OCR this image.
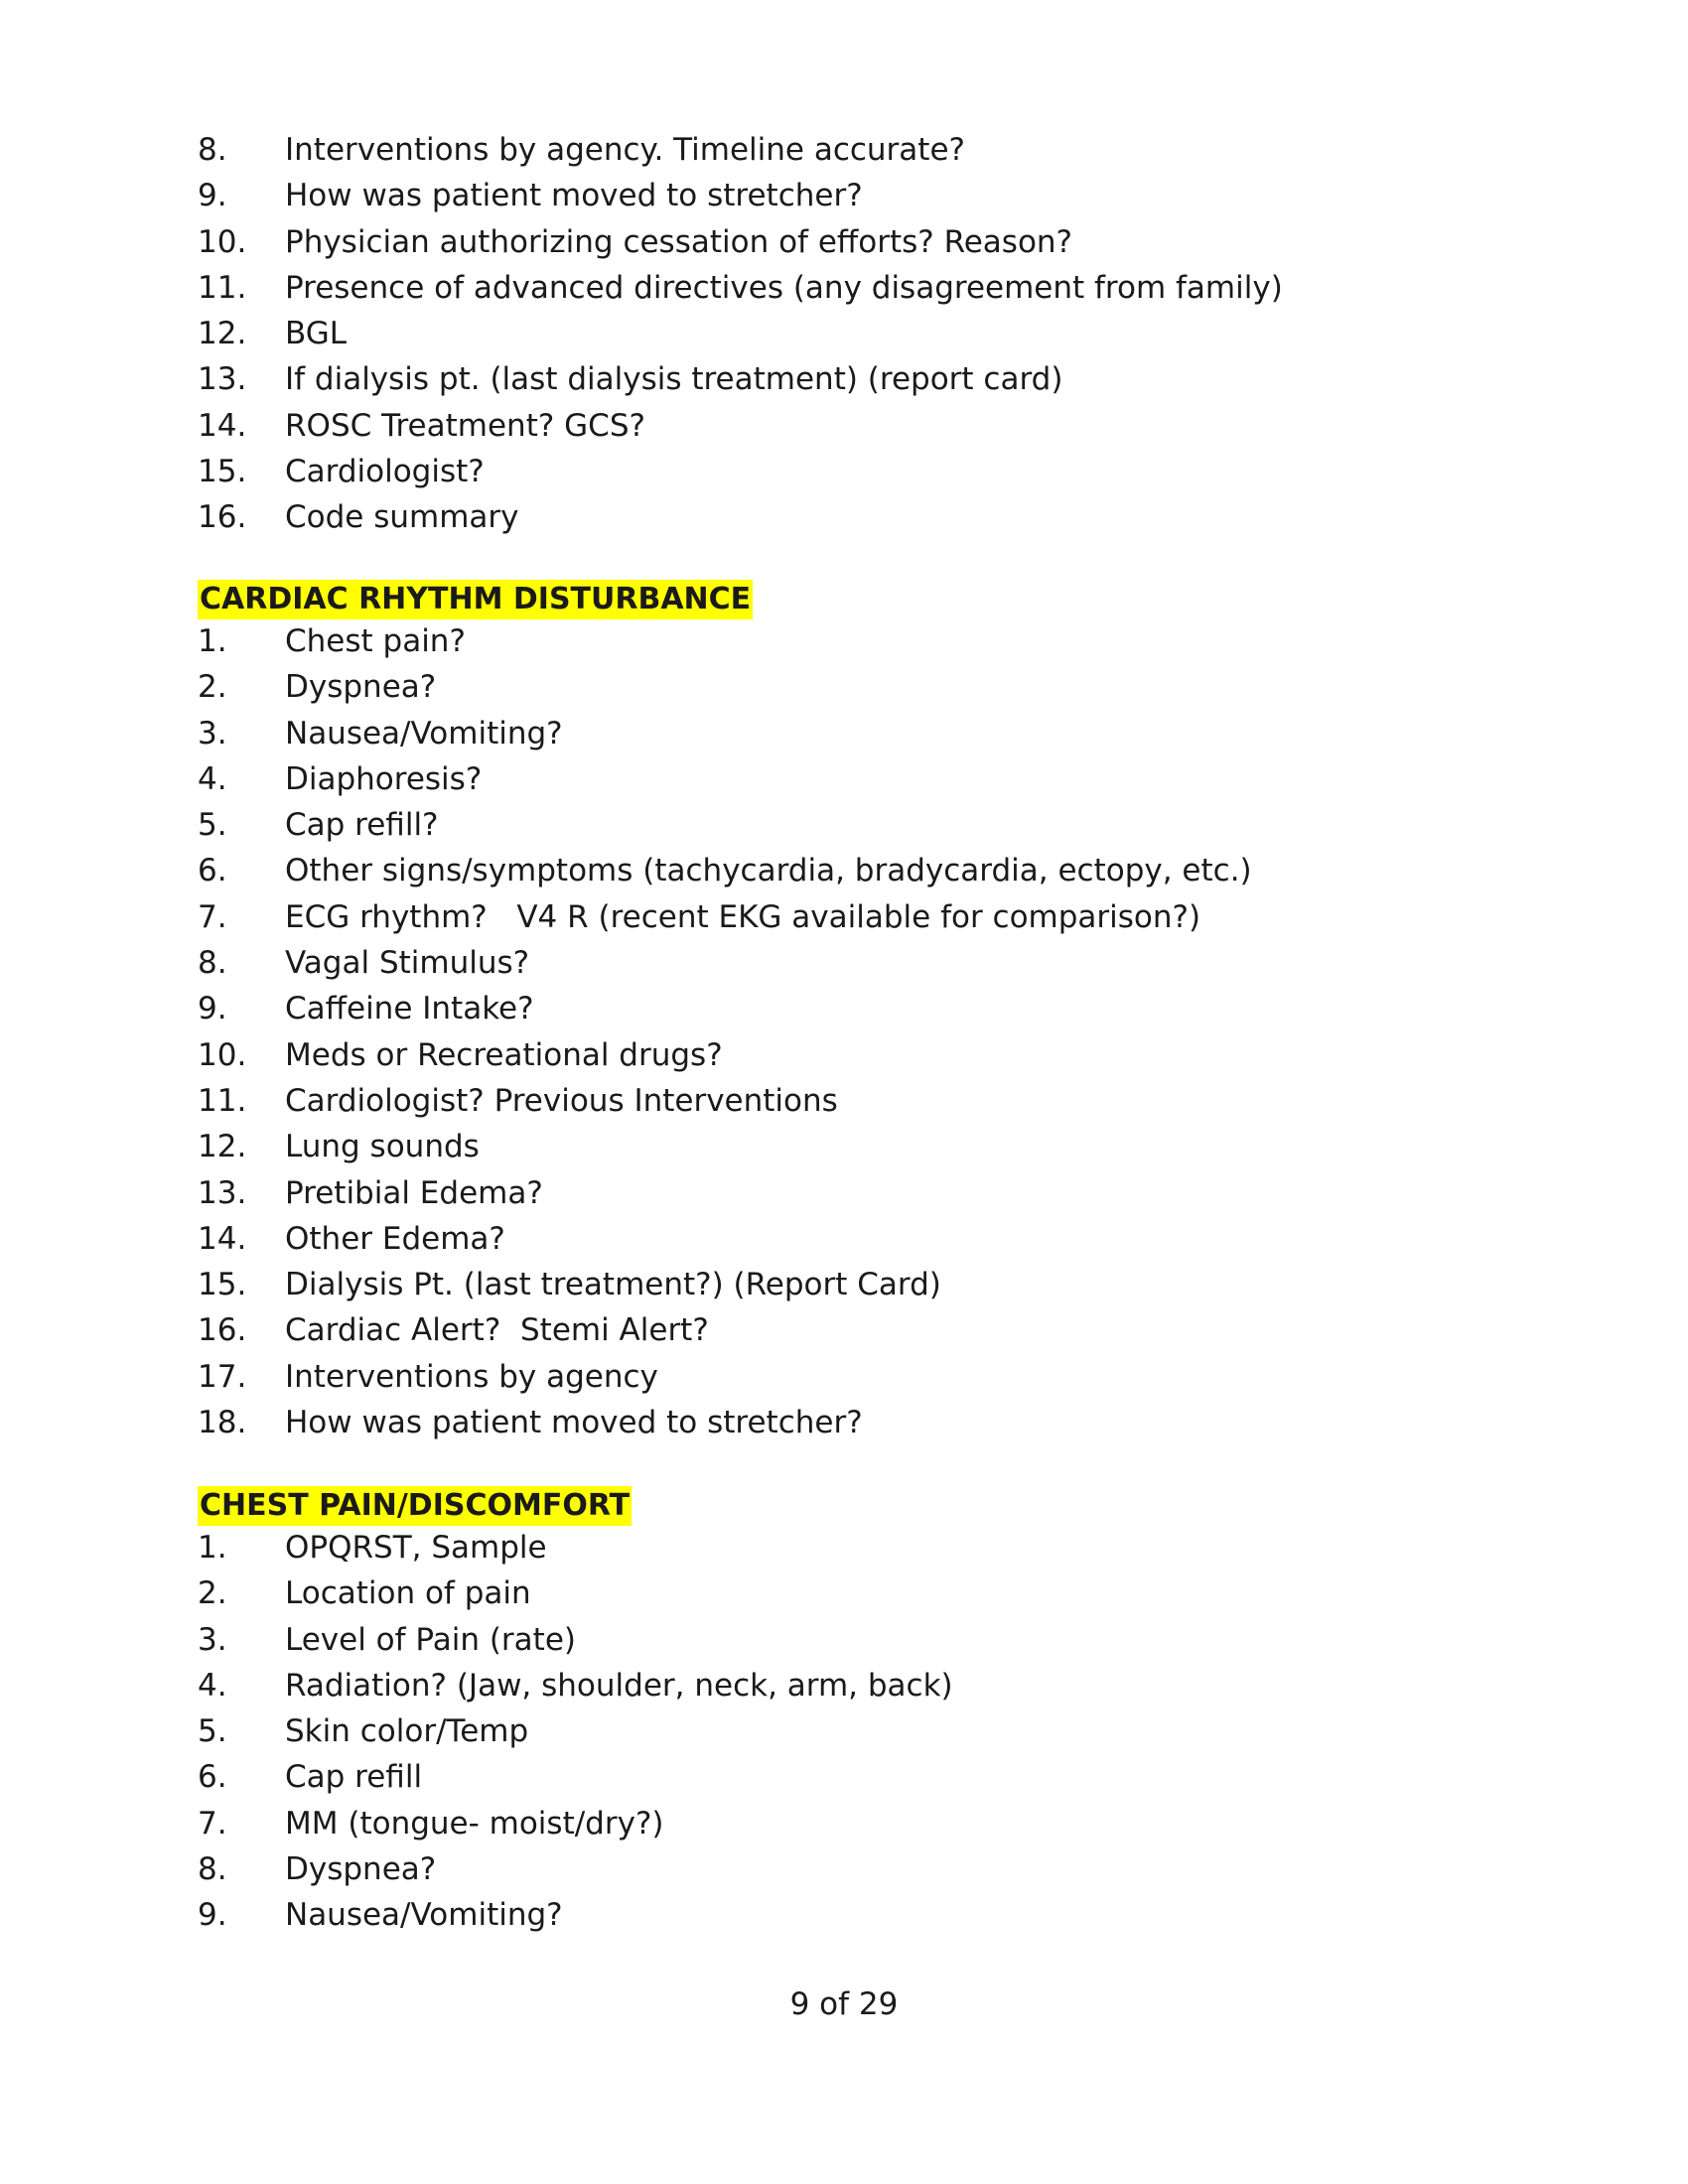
8.	Interventions by agency. Timeline accurate?
9.	How was patient moved to stretcher?
10.	Physician authorizing cessation of efforts? Reason?
11.	Presence of advanced directives (any disagreement from family)
12.	BGL
13.	If dialysis pt. (last dialysis treatment) (report card)
14.	ROSC Treatment? GCS?
15.	Cardiologist?
16.	Code summary
CARDIAC RHYTHM DISTURBANCE
1.	Chest pain?
2.	Dyspnea?
3.	Nausea/Vomiting?
4.	Diaphoresis?
5.	Cap refill?
6.	Other signs/symptoms (tachycardia, bradycardia, ectopy, etc.)
7.	ECG rhythm?   V4 R (recent EKG available for comparison?)
8.	Vagal Stimulus?
9.	Caffeine Intake?
10.	Meds or Recreational drugs?
11.	Cardiologist? Previous Interventions
12.	Lung sounds
13.	Pretibial Edema?
14.	Other Edema?
15.	Dialysis Pt. (last treatment?) (Report Card)
16.	Cardiac Alert?  Stemi Alert?
17.	Interventions by agency
18.	How was patient moved to stretcher?
CHEST PAIN/DISCOMFORT
1.	OPQRST, Sample
2.	Location of pain
3.	Level of Pain (rate)
4.	Radiation? (Jaw, shoulder, neck, arm, back)
5.	Skin color/Temp
6.	Cap refill
7.	MM (tongue- moist/dry?)
8.	Dyspnea?
9.	Nausea/Vomiting?
9 of 29
